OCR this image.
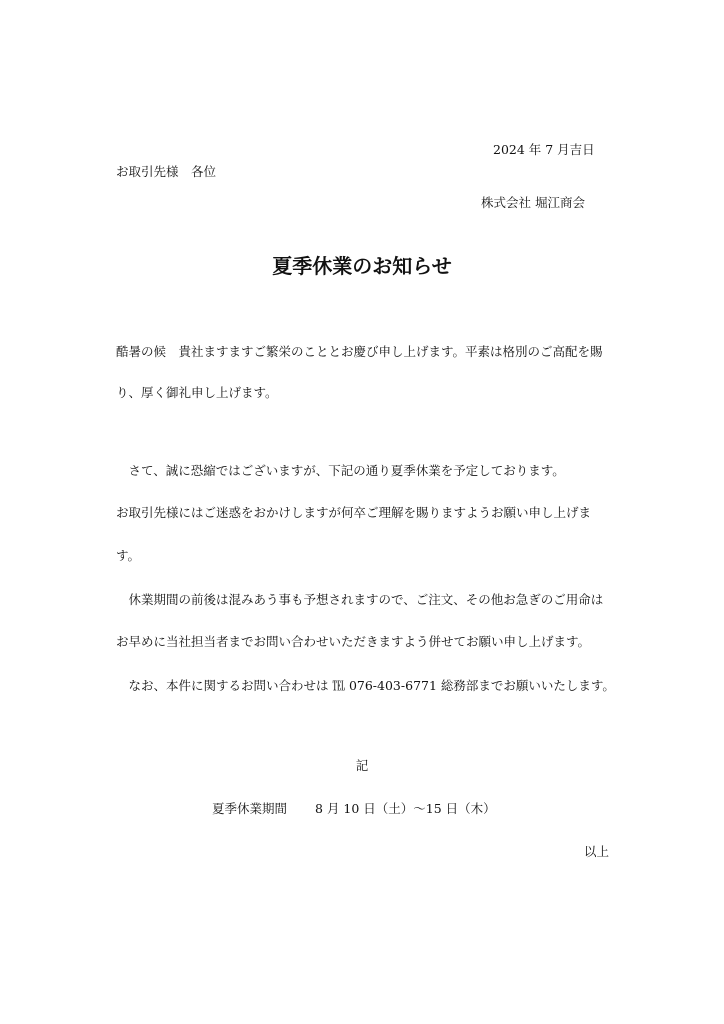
2024 年 7 月吉日
お取引先様　各位
株式会社 堀江商会
夏季休業のお知らせ
酷暑の候　貴社ますますご繁栄のこととお慶び申し上げます。平素は格別のご高配を賜
り、厚く御礼申し上げます。
　さて、誠に恐縮ではございますが、下記の通り夏季休業を予定しております。
お取引先様にはご迷惑をおかけしますが何卒ご理解を賜りますようお願い申し上げま
す。
　休業期間の前後は混みあう事も予想されますので、ご注文、その他お急ぎのご用命は
お早めに当社担当者までお問い合わせいただきますよう併せてお願い申し上げます。
　なお、本件に関するお問い合わせは ℡ 076-403-6771 総務部までお願いいたします。
記
夏季休業期間 8 月 10 日（土）～15 日（木）
以上
